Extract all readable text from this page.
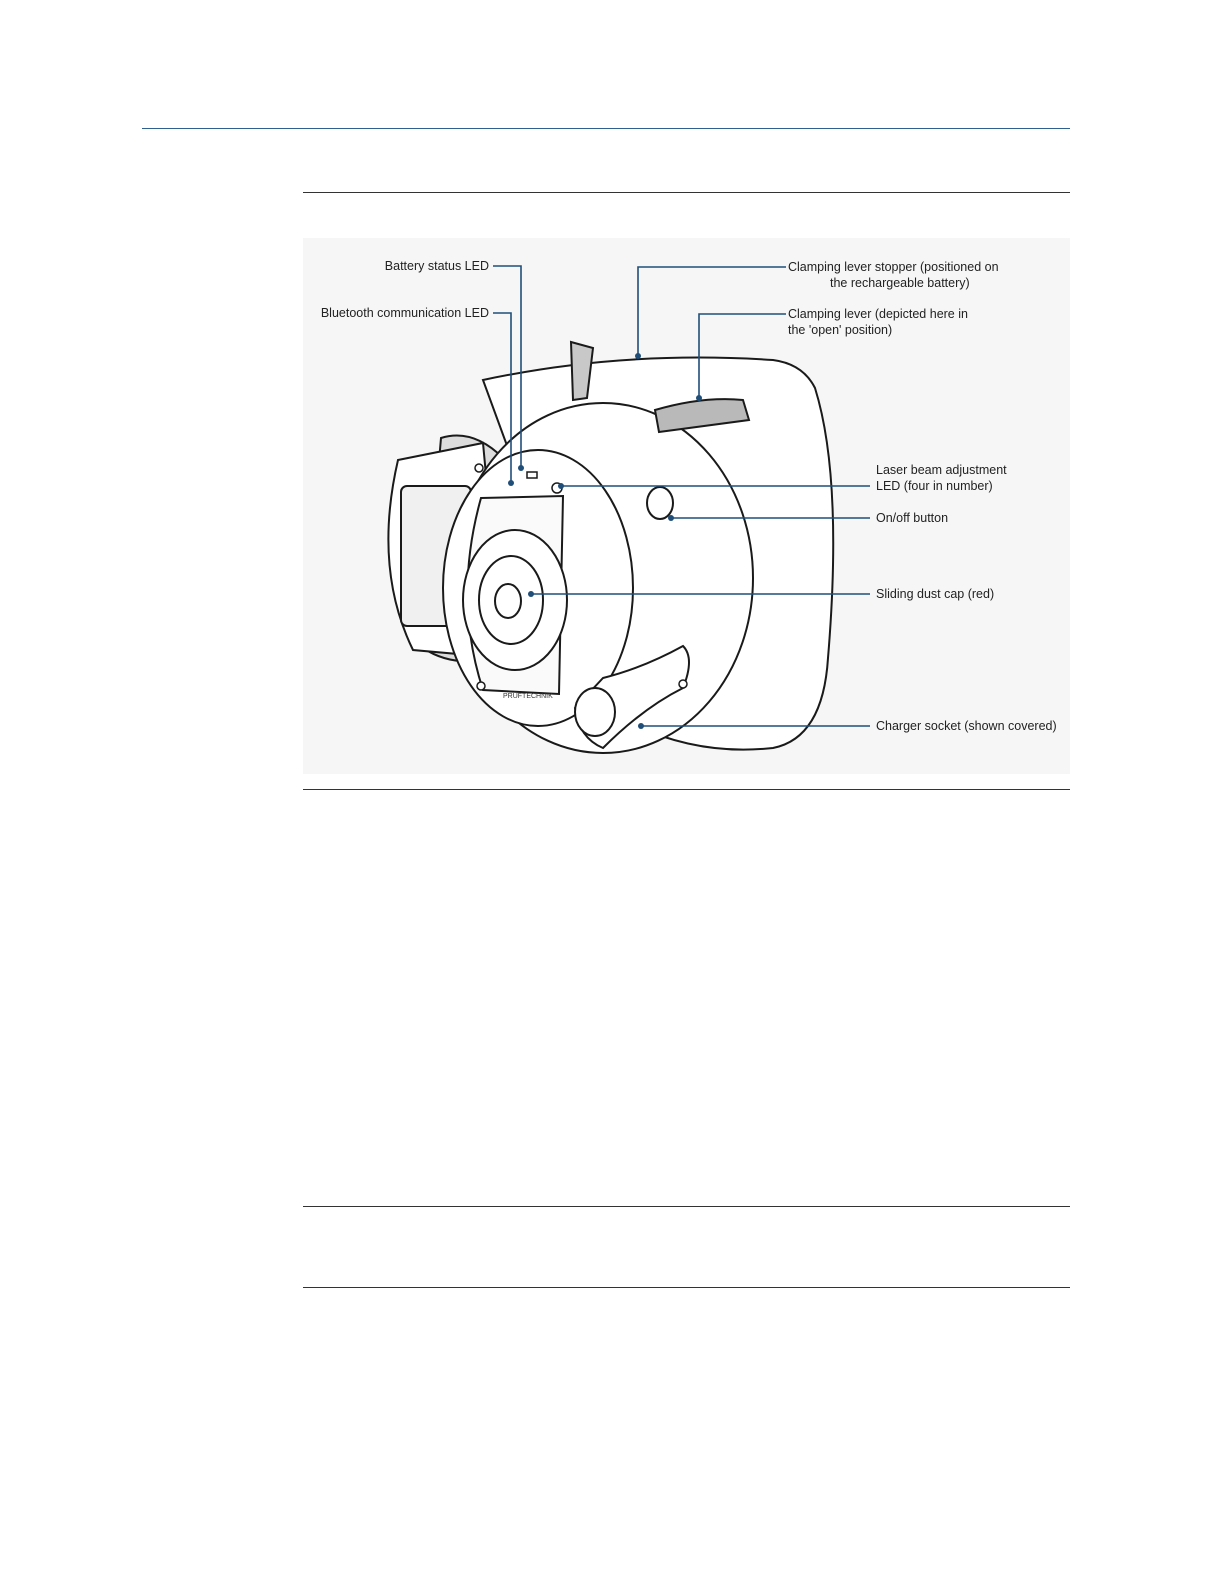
PRÜFTECHNIK
Battery status LED
Bluetooth communication LED
Clamping lever stopper (positioned on
the rechargeable battery)
Clamping lever (depicted here in
the 'open' position)
Laser beam adjustment
LED (four in number)
On/off button
Sliding dust cap (red)
Charger socket (shown covered)
